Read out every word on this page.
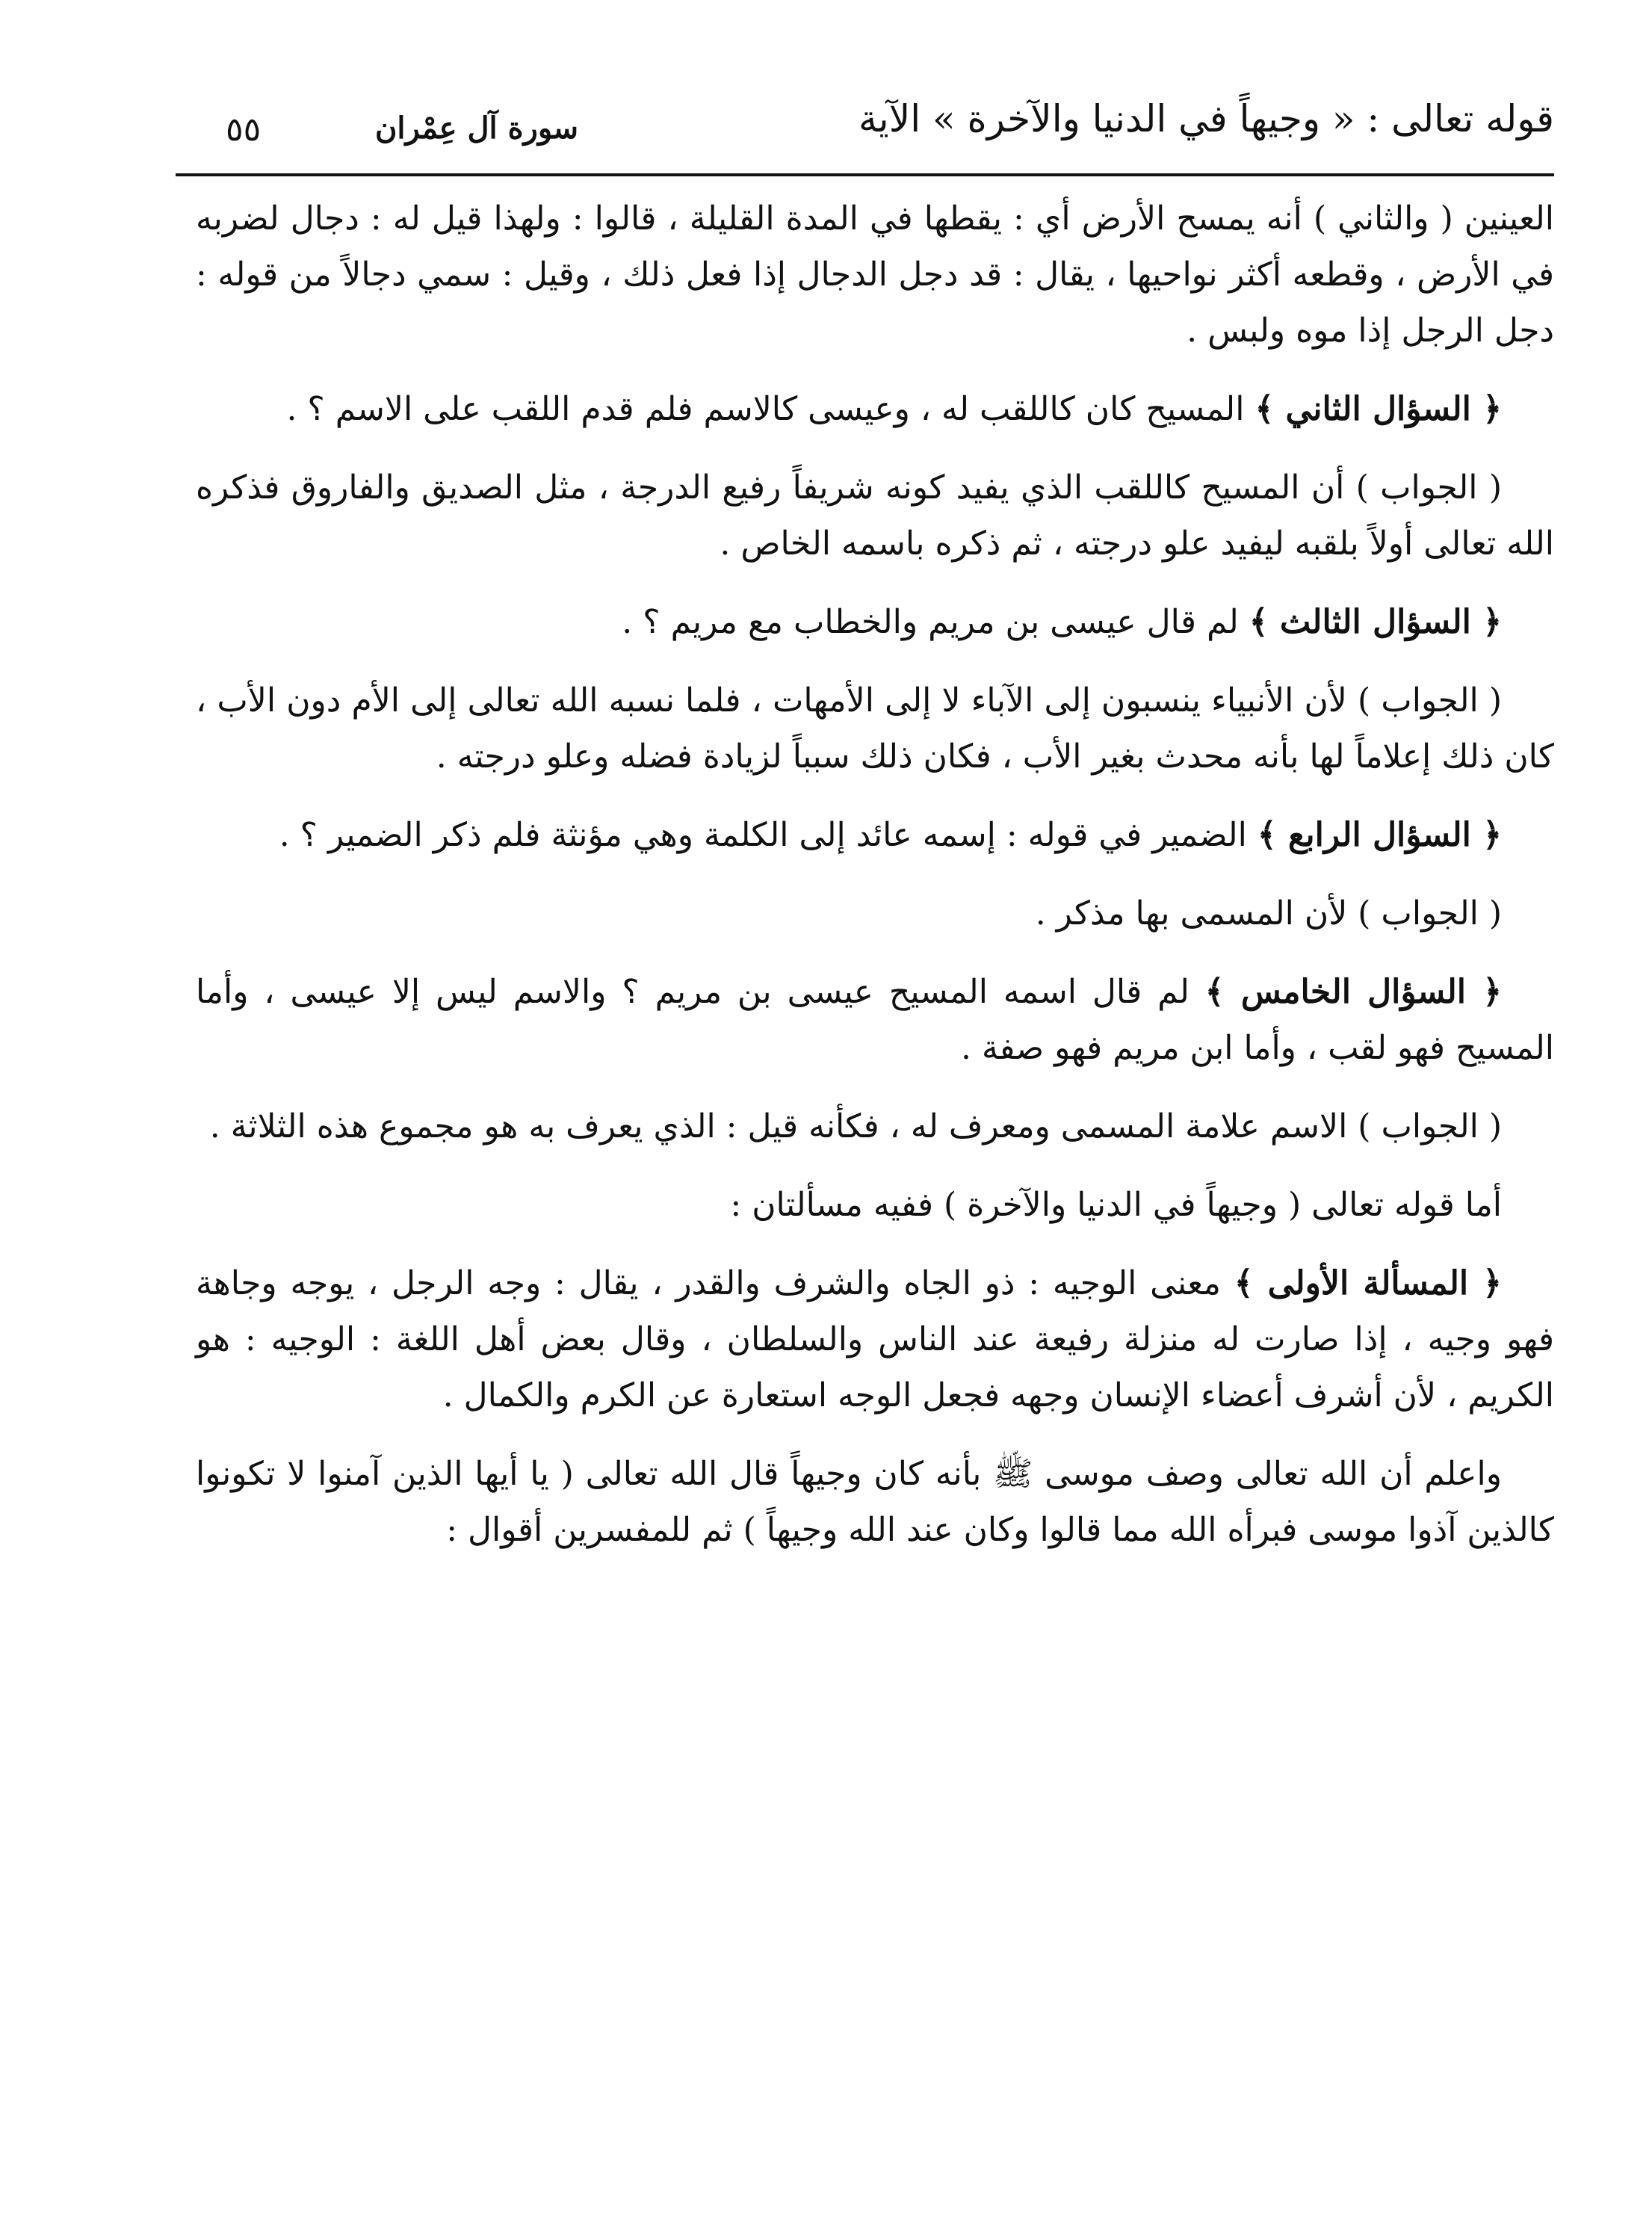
قوله تعالى : « وجيهاً في الدنيا والآخرة » الآية
سورة آل عِمْران
٥٥

العينين ( والثاني ) أنه يمسح الأرض أي : يقطها في المدة القليلة ، قالوا : ولهذا قيل له : دجال لضربه في الأرض ، وقطعه أكثر نواحيها ، يقال : قد دجل الدجال إذا فعل ذلك ، وقيل : سمي دجالاً من قوله : دجل الرجل إذا موه ولبس .

﴿ السؤال الثاني ﴾ المسيح كان كاللقب له ، وعيسى كالاسم فلم قدم اللقب على الاسم ؟ .

( الجواب ) أن المسيح كاللقب الذي يفيد كونه شريفاً رفيع الدرجة ، مثل الصديق والفاروق فذكره الله تعالى أولاً بلقبه ليفيد علو درجته ، ثم ذكره باسمه الخاص .

﴿ السؤال الثالث ﴾ لم قال عيسى بن مريم والخطاب مع مريم ؟ .

( الجواب ) لأن الأنبياء ينسبون إلى الآباء لا إلى الأمهات ، فلما نسبه الله تعالى إلى الأم دون الأب ، كان ذلك إعلاماً لها بأنه محدث بغير الأب ، فكان ذلك سبباً لزيادة فضله وعلو درجته .

﴿ السؤال الرابع ﴾ الضمير في قوله : إسمه عائد إلى الكلمة وهي مؤنثة فلم ذكر الضمير ؟ .

( الجواب ) لأن المسمى بها مذكر .

﴿ السؤال الخامس ﴾ لم قال اسمه المسيح عيسى بن مريم ؟ والاسم ليس إلا عيسى ، وأما المسيح فهو لقب ، وأما ابن مريم فهو صفة .

( الجواب ) الاسم علامة المسمى ومعرف له ، فكأنه قيل : الذي يعرف به هو مجموع هذه الثلاثة .

أما قوله تعالى ( وجيهاً في الدنيا والآخرة ) ففيه مسألتان :

﴿ المسألة الأولى ﴾ معنى الوجيه : ذو الجاه والشرف والقدر ، يقال : وجه الرجل ، يوجه وجاهة فهو وجيه ، إذا صارت له منزلة رفيعة عند الناس والسلطان ، وقال بعض أهل اللغة : الوجيه : هو الكريم ، لأن أشرف أعضاء الإنسان وجهه فجعل الوجه استعارة عن الكرم والكمال .

واعلم أن الله تعالى وصف موسى ﷺ بأنه كان وجيهاً قال الله تعالى ( يا أيها الذين آمنوا لا تكونوا كالذين آذوا موسى فبرأه الله مما قالوا وكان عند الله وجيهاً ) ثم للمفسرين أقوال :
